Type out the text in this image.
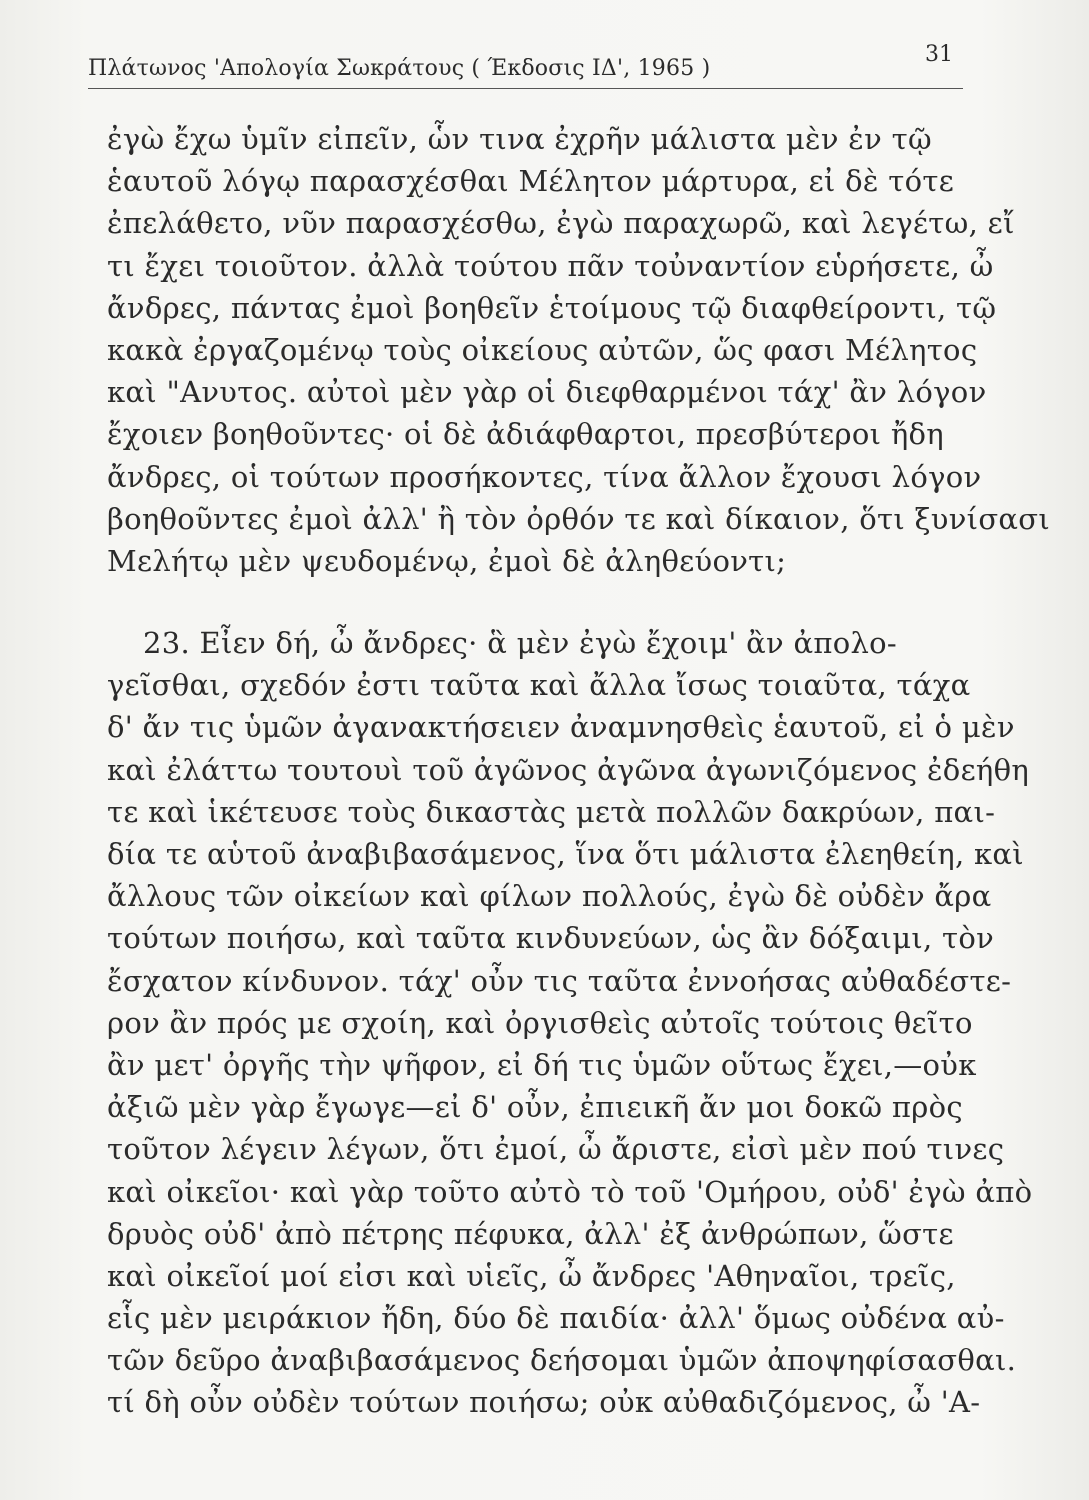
Πλάτωνος 'Απολογία Σωκράτους ( Έκδοσις ΙΔ', 1965 )
31
ἐγὼ ἔχω ὑμῖν εἰπεῖν, ὧν τινα ἐχρῆν μάλιστα μὲν ἐν τῷ
ἑαυτοῦ λόγῳ παρασχέσθαι Μέλητον μάρτυρα, εἰ δὲ τότε
ἐπελάθετο, νῦν παρασχέσθω, ἐγὼ παραχωρῶ, καὶ λεγέτω, εἴ
τι ἔχει τοιοῦτον. ἀλλὰ τούτου πᾶν τοὐναντίον εὑρήσετε, ὦ
ἄνδρες, πάντας ἐμοὶ βοηθεῖν ἑτοίμους τῷ διαφθείροντι, τῷ
κακὰ ἐργαζομένῳ τοὺς οἰκείους αὐτῶν, ὥς φασι Μέλητος
καὶ "Ανυτος. αὐτοὶ μὲν γὰρ οἱ διεφθαρμένοι τάχ' ἂν λόγον
ἔχοιεν βοηθοῦντες· οἱ δὲ ἀδιάφθαρτοι, πρεσβύτεροι ἤδη
ἄνδρες, οἱ τούτων προσήκοντες, τίνα ἄλλον ἔχουσι λόγον
βοηθοῦντες ἐμοὶ ἀλλ' ἢ τὸν ὀρθόν τε καὶ δίκαιον, ὅτι ξυνίσασι
Μελήτῳ μὲν ψευδομένῳ, ἐμοὶ δὲ ἀληθεύοντι;
23. Εἶεν δή, ὦ ἄνδρες· ἃ μὲν ἐγὼ ἔχοιμ' ἂν ἀπολο-
γεῖσθαι, σχεδόν ἐστι ταῦτα καὶ ἄλλα ἴσως τοιαῦτα, τάχα
δ' ἄν τις ὑμῶν ἀγανακτήσειεν ἀναμνησθεὶς ἑαυτοῦ, εἰ ὁ μὲν
καὶ ἐλάττω τουτουὶ τοῦ ἀγῶνος ἀγῶνα ἀγωνιζόμενος ἐδεήθη
τε καὶ ἱκέτευσε τοὺς δικαστὰς μετὰ πολλῶν δακρύων, παι-
δία τε αὑτοῦ ἀναβιβασάμενος, ἵνα ὅτι μάλιστα ἐλεηθείη, καὶ
ἄλλους τῶν οἰκείων καὶ φίλων πολλούς, ἐγὼ δὲ οὐδὲν ἄρα
τούτων ποιήσω, καὶ ταῦτα κινδυνεύων, ὡς ἂν δόξαιμι, τὸν
ἔσχατον κίνδυνον. τάχ' οὖν τις ταῦτα ἐννοήσας αὐθαδέστε-
ρον ἂν πρός με σχοίη, καὶ ὀργισθεὶς αὐτοῖς τούτοις θεῖτο
ἂν μετ' ὀργῆς τὴν ψῆφον, εἰ δή τις ὑμῶν οὕτως ἔχει,—οὐκ
ἀξιῶ μὲν γὰρ ἔγωγε—εἰ δ' οὖν, ἐπιεικῆ ἄν μοι δοκῶ πρὸς
τοῦτον λέγειν λέγων, ὅτι ἐμοί, ὦ ἄριστε, εἰσὶ μὲν πού τινες
καὶ οἰκεῖοι· καὶ γὰρ τοῦτο αὐτὸ τὸ τοῦ 'Ομήρου, οὐδ' ἐγὼ ἀπὸ
δρυὸς οὐδ' ἀπὸ πέτρης πέφυκα, ἀλλ' ἐξ ἀνθρώπων, ὥστε
καὶ οἰκεῖοί μοί εἰσι καὶ υἱεῖς, ὦ ἄνδρες 'Αθηναῖοι, τρεῖς,
εἷς μὲν μειράκιον ἤδη, δύο δὲ παιδία· ἀλλ' ὅμως οὐδένα αὐ-
τῶν δεῦρο ἀναβιβασάμενος δεήσομαι ὑμῶν ἀποψηφίσασθαι.
τί δὴ οὖν οὐδὲν τούτων ποιήσω; οὐκ αὐθαδιζόμενος, ὦ 'Α-
